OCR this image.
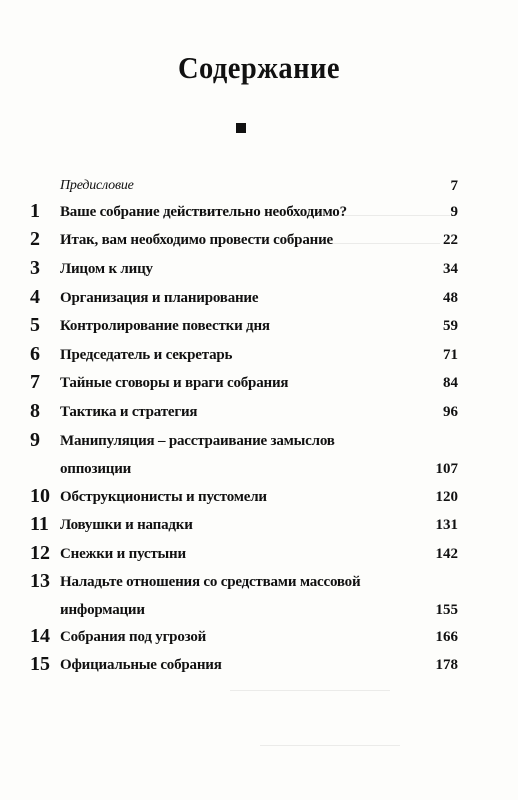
Содержание
Предисловие	7
1	Ваше собрание действительно необходимо?	9
2	Итак, вам необходимо провести собрание	22
3	Лицом к лицу	34
4	Организация и планирование	48
5	Контролирование повестки дня	59
6	Председатель и секретарь	71
7	Тайные сговоры и враги собрания	84
8	Тактика и стратегия	96
9	Манипуляция – расстраивание замыслов
оппозиции	107
10 Обструкционисты и пустомели	120
11 Ловушки и нападки	131
12 Снежки и пустыни	142
13 Наладьте отношения со средствами массовой
информации	155
14 Собрания под угрозой	166
15 Официальные собрания	178
